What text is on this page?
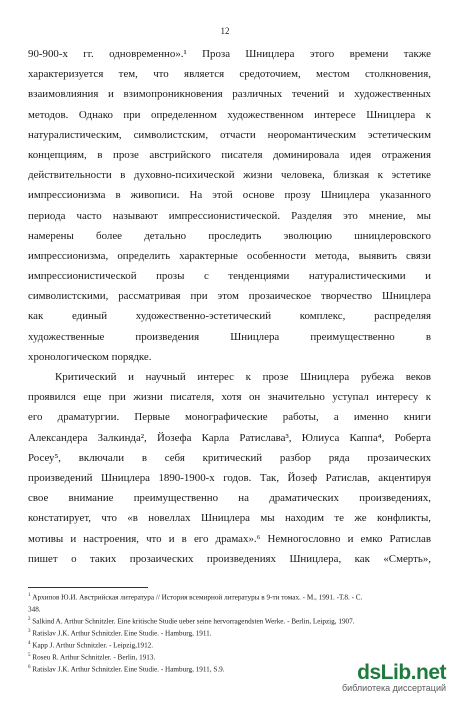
12
90-900-х гг. одновременно».¹ Проза Шницлера этого времени также
характеризуется тем, что является средоточием, местом столкновения,
взаимовлияния и взимопроникновения различных течений и художественных
методов. Однако при определенном художественном интересе Шницлера к
натуралистическим, символистским, отчасти неоромантическим эстетическим
концепциям, в прозе австрийского писателя доминировала идея отражения
действительности в духовно-психической жизни человека, близкая к эстетике
импрессионизма в живописи. На этой основе прозу Шницлера указанного
периода часто называют импрессионистической. Разделяя это мнение, мы
намерены более детально проследить эволюцию шницлеровского
импрессионизма, определить характерные особенности метода, выявить связи
импрессионистической прозы с тенденциями натуралистическими и
символистскими, рассматривая при этом прозаическое творчество Шницлера
как единый художественно-эстетический комплекс, распределяя
художественные произведения Шницлера преимущественно в
хронологическом порядке.
Критический и научный интерес к прозе Шницлера рубежа веков
проявился еще при жизни писателя, хотя он значительно уступал интересу к
его драматургии. Первые монографические работы, а именно книги
Александера Залкинда², Йозефа Карла Ратислава³, Юлиуса Каппа⁴, Роберта
Росеу⁵, включали в себя критический разбор ряда прозаических
произведений Шницлера 1890-1900-х годов. Так, Йозеф Ратислав, акцентируя
свое внимание преимущественно на драматических произведениях,
констатирует, что «в новеллах Шницлера мы находим те же конфликты,
мотивы и настроения, что и в его драмах».⁶ Немногословно и емко Ратислав
пишет о таких прозаических произведениях Шницлера, как «Смерть»,
$^1$ Архипов Ю.И. Австрийская литература // История всемирной литературы в 9-ти томах. - М., 1991. -Т.8. - С.
348.
$^2$ Salkind A. Arthur Schnitzler. Eine kritische Studie ueber seine hervorragendsten Werke. - Berlin, Leipzig, 1907.
$^3$ Ratislav J.K. Arthur Schnitzler. Eine Studie. - Hamburg, 1911.
$^4$ Kapp J. Arthur Schnitzler. - Leipzig,1912.
$^5$ Roseu R. Arthur Schnitzler. - Berlin, 1913.
$^6$ Ratislav J.K. Arthur Schnitzler. Eine Studie. - Hamburg, 1911, S.9.	dsLib.net
библиотека диссертаций
